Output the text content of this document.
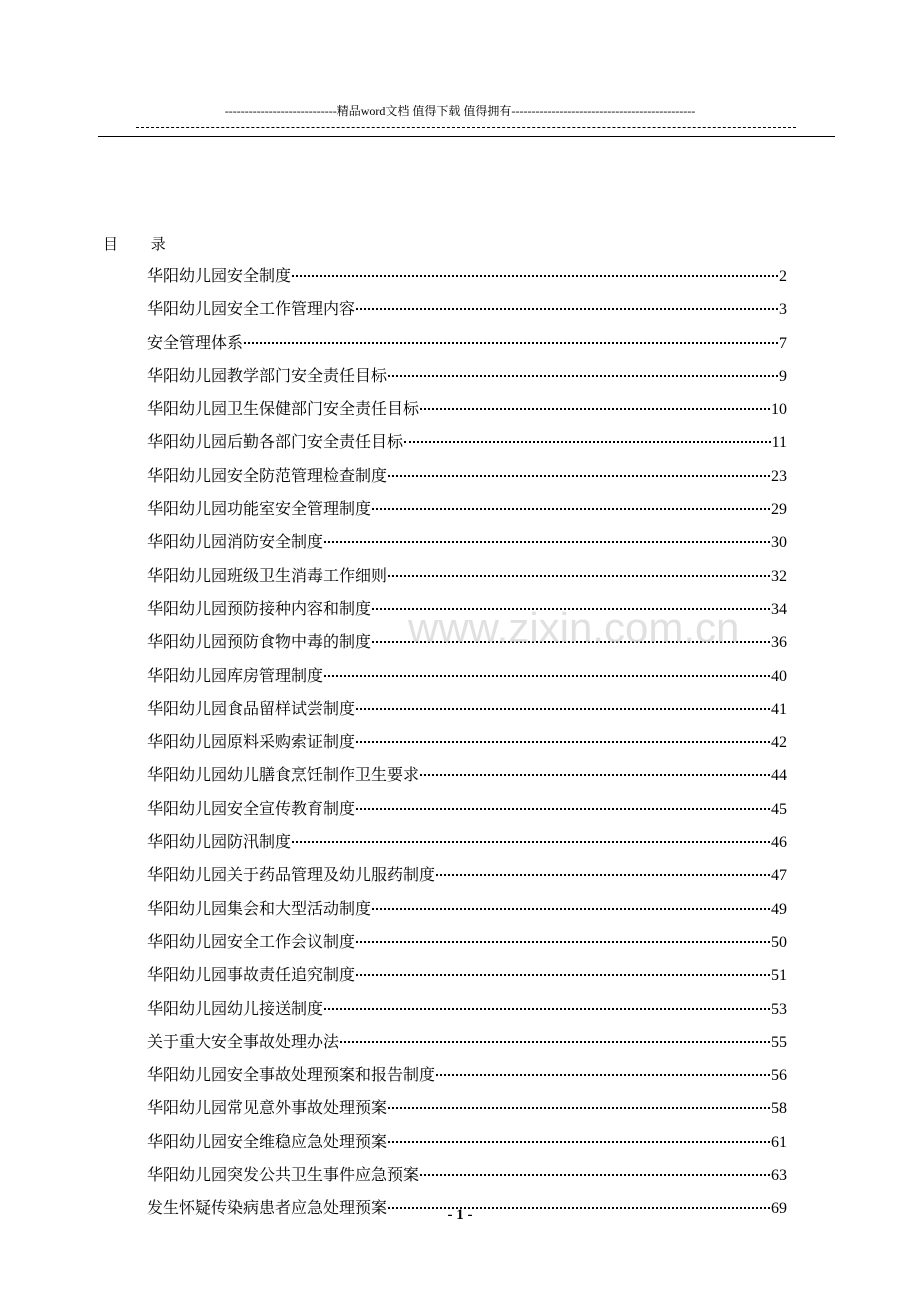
----------------------------精品word文档 值得下载 值得拥有----------------------------------------------
目 录
华阳幼儿园安全制度	2
华阳幼儿园安全工作管理内容	3
安全管理体系	7
华阳幼儿园教学部门安全责任目标	9
华阳幼儿园卫生保健部门安全责任目标	10
华阳幼儿园后勤各部门安全责任目标	11
华阳幼儿园安全防范管理检查制度	23
华阳幼儿园功能室安全管理制度	29
华阳幼儿园消防安全制度	30
华阳幼儿园班级卫生消毒工作细则	32
华阳幼儿园预防接种内容和制度	34
华阳幼儿园预防食物中毒的制度	36
华阳幼儿园库房管理制度	40
华阳幼儿园食品留样试尝制度	41
华阳幼儿园原料采购索证制度	42
华阳幼儿园幼儿膳食烹饪制作卫生要求	44
华阳幼儿园安全宣传教育制度	45
华阳幼儿园防汛制度	46
华阳幼儿园关于药品管理及幼儿服药制度	47
华阳幼儿园集会和大型活动制度	49
华阳幼儿园安全工作会议制度	50
华阳幼儿园事故责任追究制度	51
华阳幼儿园幼儿接送制度	53
关于重大安全事故处理办法	55
华阳幼儿园安全事故处理预案和报告制度	56
华阳幼儿园常见意外事故处理预案	58
华阳幼儿园安全维稳应急处理预案	61
华阳幼儿园突发公共卫生事件应急预案	63
发生怀疑传染病患者应急处理预案	69
www.zixin.com.cn
- 1 -
